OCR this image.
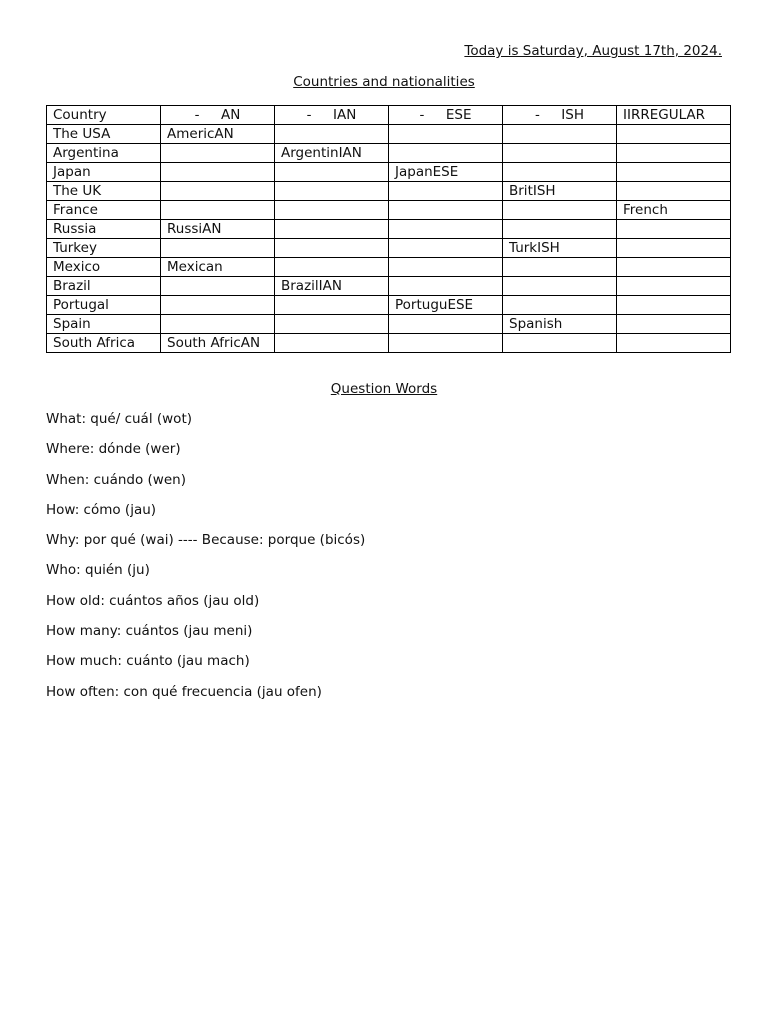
Today is Saturday, August 17th, 2024.

Countries and nationalities
Country	-     AN	-     IAN	-     ESE	-     ISH	IIRREGULAR
The USA	AmericAN				
Argentina		ArgentinIAN			
Japan			JapanESE		
The UK				BritISH	
France					French
Russia	RussiAN				
Turkey				TurkISH	
Mexico	Mexican				
Brazil		BrazilIAN			
Portugal			PortuguESE		
Spain				Spanish	
South Africa	South AfricAN				
Question Words
What: qué/ cuál (wot)
Where: dónde (wer)
When: cuándo (wen)
How: cómo (jau)
Why: por qué (wai) ---- Because: porque (bicós)
Who: quién (ju)
How old: cuántos años (jau old)
How many: cuántos (jau meni)
How much: cuánto (jau mach)
How often: con qué frecuencia (jau ofen)
